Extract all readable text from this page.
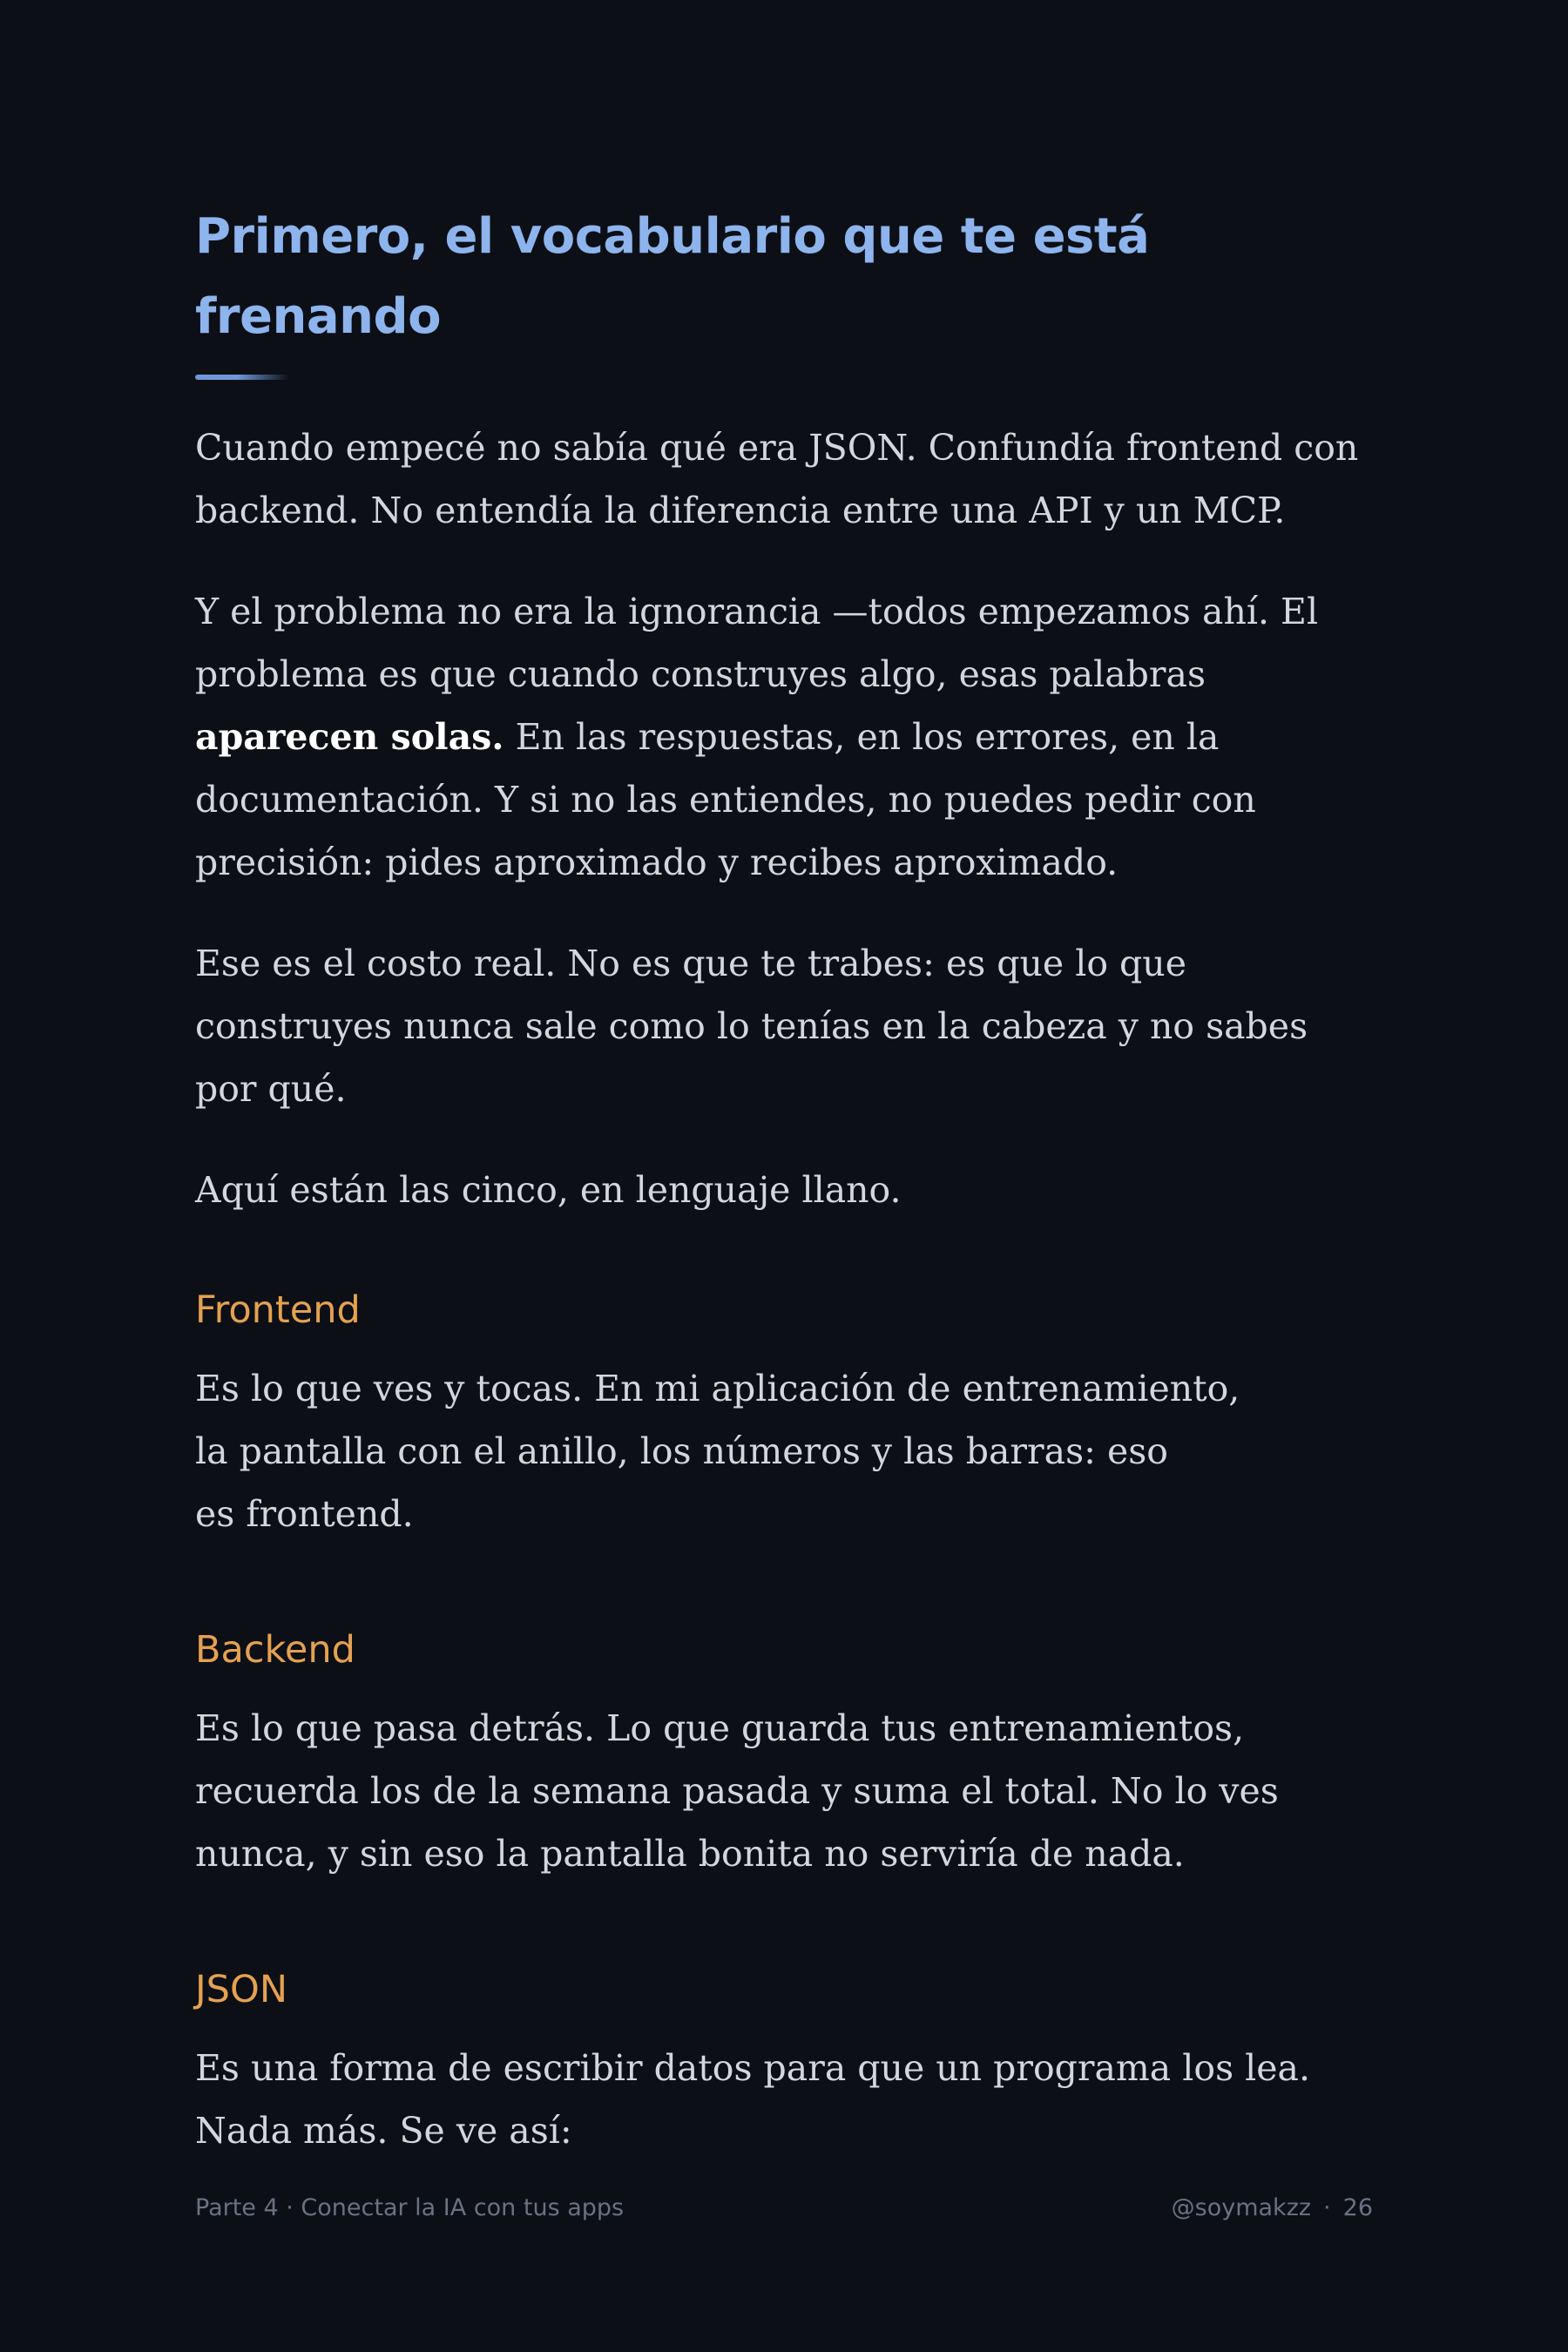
Primero, el vocabulario que te está frenando

Cuando empecé no sabía qué era JSON. Confundía frontend con backend. No entendía la diferencia entre una API y un MCP.

Y el problema no era la ignorancia —todos empezamos ahí. El problema es que cuando construyes algo, esas palabras aparecen solas. En las respuestas, en los errores, en la documentación. Y si no las entiendes, no puedes pedir con precisión: pides aproximado y recibes aproximado.

Ese es el costo real. No es que te trabes: es que lo que construyes nunca sale como lo tenías en la cabeza y no sabes por qué.

Aquí están las cinco, en lenguaje llano.

Frontend

Es lo que ves y tocas. En mi aplicación de entrenamiento,
la pantalla con el anillo, los números y las barras: eso
es frontend.

Backend

Es lo que pasa detrás. Lo que guarda tus entrenamientos,
recuerda los de la semana pasada y suma el total. No lo ves
nunca, y sin eso la pantalla bonita no serviría de nada.

JSON

Es una forma de escribir datos para que un programa los lea.
Nada más. Se ve así:

Parte 4 · Conectar la IA con tus apps	@soymakzz · 26
